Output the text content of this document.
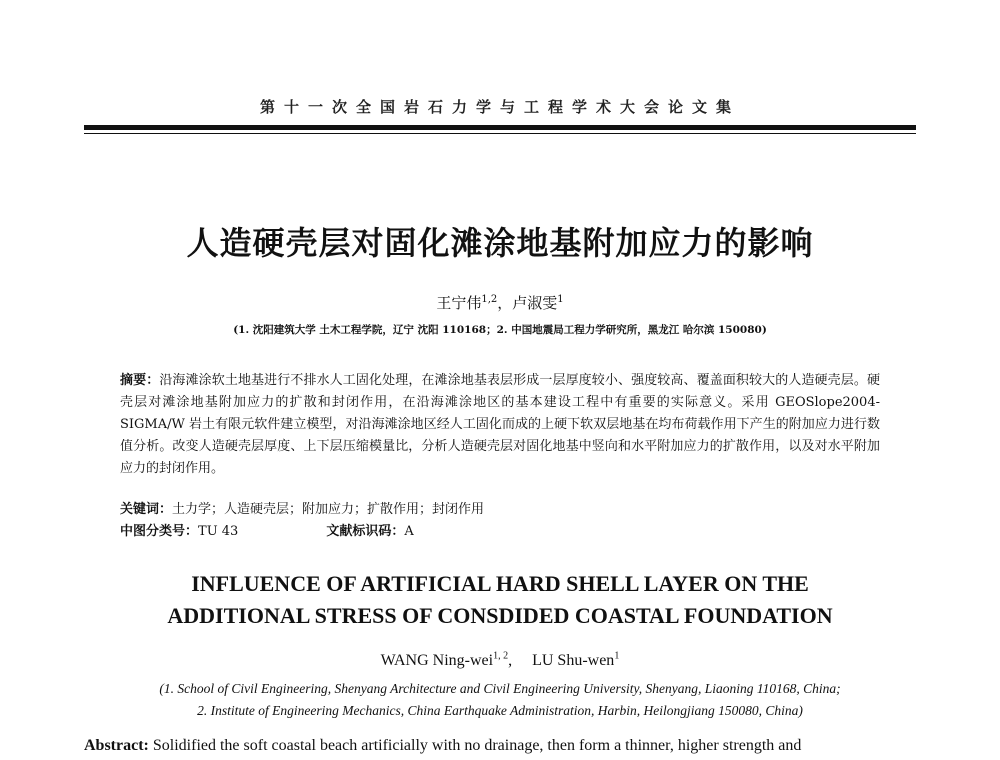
第十一次全国岩石力学与工程学术大会论文集
人造硬壳层对固化滩涂地基附加应力的影响
王宁伟$^{1,2}$，卢淑雯$^1$
(1. 沈阳建筑大学 土木工程学院，辽宁 沈阳 110168；2. 中国地震局工程力学研究所，黑龙江 哈尔滨 150080)
摘要：沿海滩涂软土地基进行不排水人工固化处理，在滩涂地基表层形成一层厚度较小、强度较高、覆盖面积较大的人造硬壳层。硬壳层对滩涂地基附加应力的扩散和封闭作用，在沿海滩涂地区的基本建设工程中有重要的实际意义。采用 GEOSlope2004-SIGMA/W 岩土有限元软件建立模型，对沿海滩涂地区经人工固化而成的上硬下软双层地基在均布荷载作用下产生的附加应力进行数值分析。改变人造硬壳层厚度、上下层压缩模量比，分析人造硬壳层对固化地基中竖向和水平附加应力的扩散作用，以及对水平附加应力的封闭作用。
关键词：土力学；人造硬壳层；附加应力；扩散作用；封闭作用
中图分类号：TU 43	文献标识码：A
INFLUENCE OF ARTIFICIAL HARD SHELL LAYER ON THE
ADDITIONAL STRESS OF CONSDIDED COASTAL FOUNDATION
WANG Ning-wei$^{1, 2}$, LU Shu-wen$^1$
(1. School of Civil Engineering, Shenyang Architecture and Civil Engineering University, Shenyang, Liaoning 110168, China;
2. Institute of Engineering Mechanics, China Earthquake Administration, Harbin, Heilongjiang 150080, China)
Abstract: Solidified the soft coastal beach artificially with no drainage, then form a thinner, higher strength and
